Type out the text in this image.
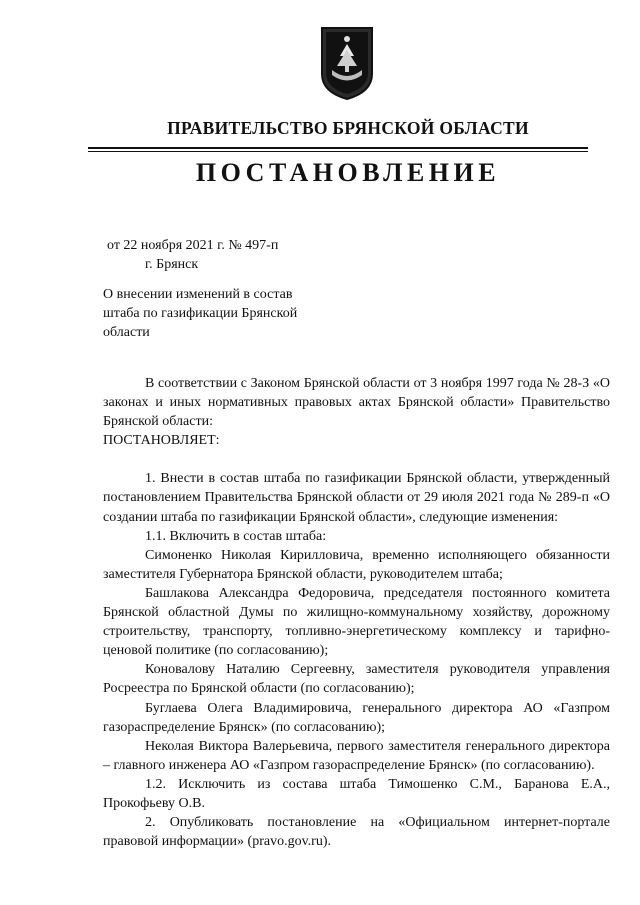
ПРАВИТЕЛЬСТВО БРЯНСКОЙ ОБЛАСТИ
ПОСТАНОВЛЕНИЕ
от 22 ноября 2021 г. № 497-п
г. Брянск
О внесении изменений в состав штаба по газификации Брянской области

В соответствии с Законом Брянской области от 3 ноября 1997 года № 28-З «О законах и иных нормативных правовых актах Брянской области» Правительство Брянской области:

ПОСТАНОВЛЯЕТ:

1. Внести в состав штаба по газификации Брянской области, утвержденный постановлением Правительства Брянской области от 29 июля 2021 года № 289-п «О создании штаба по газификации Брянской области», следующие изменения:

1.1. Включить в состав штаба:

Симоненко Николая Кирилловича, временно исполняющего обязанности заместителя Губернатора Брянской области, руководителем штаба;

Башлакова Александра Федоровича, председателя постоянного комитета Брянской областной Думы по жилищно-коммунальному хозяйству, дорожному строительству, транспорту, топливно-энергетическому комплексу и тарифно-ценовой политике (по согласованию);

Коновалову Наталию Сергеевну, заместителя руководителя управления Росреестра по Брянской области (по согласованию);

Буглаева Олега Владимировича, генерального директора АО «Газпром газораспределение Брянск» (по согласованию);

Неколая Виктора Валерьевича, первого заместителя генерального директора – главного инженера АО «Газпром газораспределение Брянск» (по согласованию).

1.2. Исключить из состава штаба Тимошенко С.М., Баранова Е.А., Прокофьеву О.В.

2. Опубликовать постановление на «Официальном интернет-портале правовой информации» (pravo.gov.ru).
